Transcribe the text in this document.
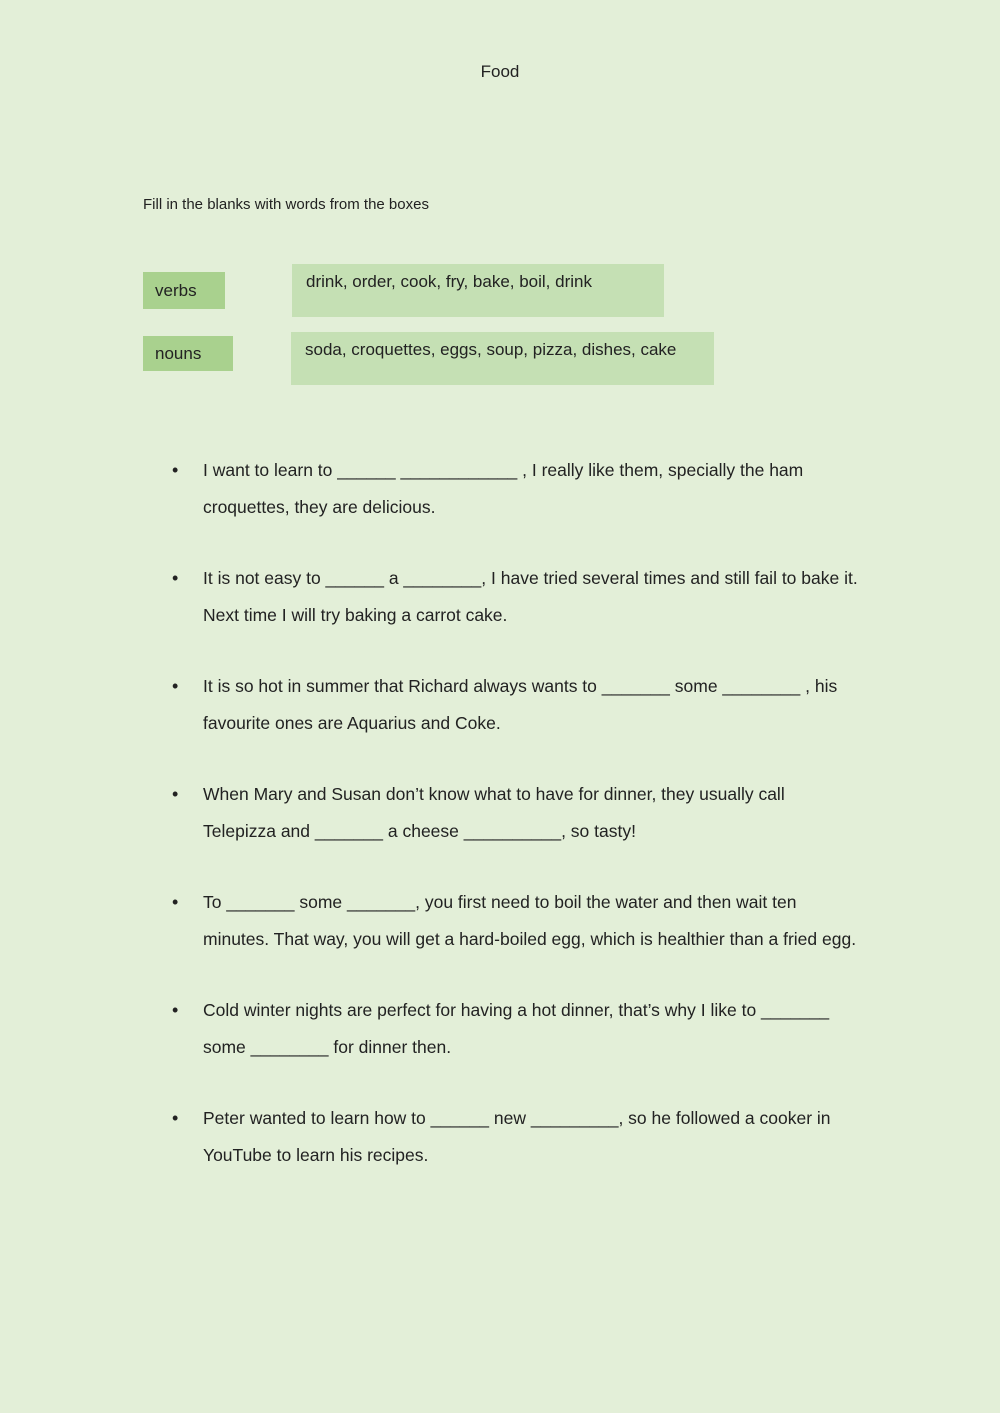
Food
Fill in the blanks with words from the boxes
verbs	drink, order, cook, fry, bake, boil, drink
nouns	soda, croquettes, eggs, soup, pizza, dishes, cake
• I want to learn to ______ ____________ , I really like them, specially the ham croquettes, they are delicious.
• It is not easy to ______ a ________, I have tried several times and still fail to bake it. Next time I will try baking a carrot cake.
• It is so hot in summer that Richard always wants to _______ some ________ , his favourite ones are Aquarius and Coke.
• When Mary and Susan don’t know what to have for dinner, they usually call Telepizza and _______ a cheese __________, so tasty!
• To _______ some _______, you first need to boil the water and then wait ten minutes. That way, you will get a hard-boiled egg, which is healthier than a fried egg.
• Cold winter nights are perfect for having a hot dinner, that’s why I like to _______ some ________ for dinner then.
• Peter wanted to learn how to ______ new _________, so he followed a cooker in YouTube to learn his recipes.
